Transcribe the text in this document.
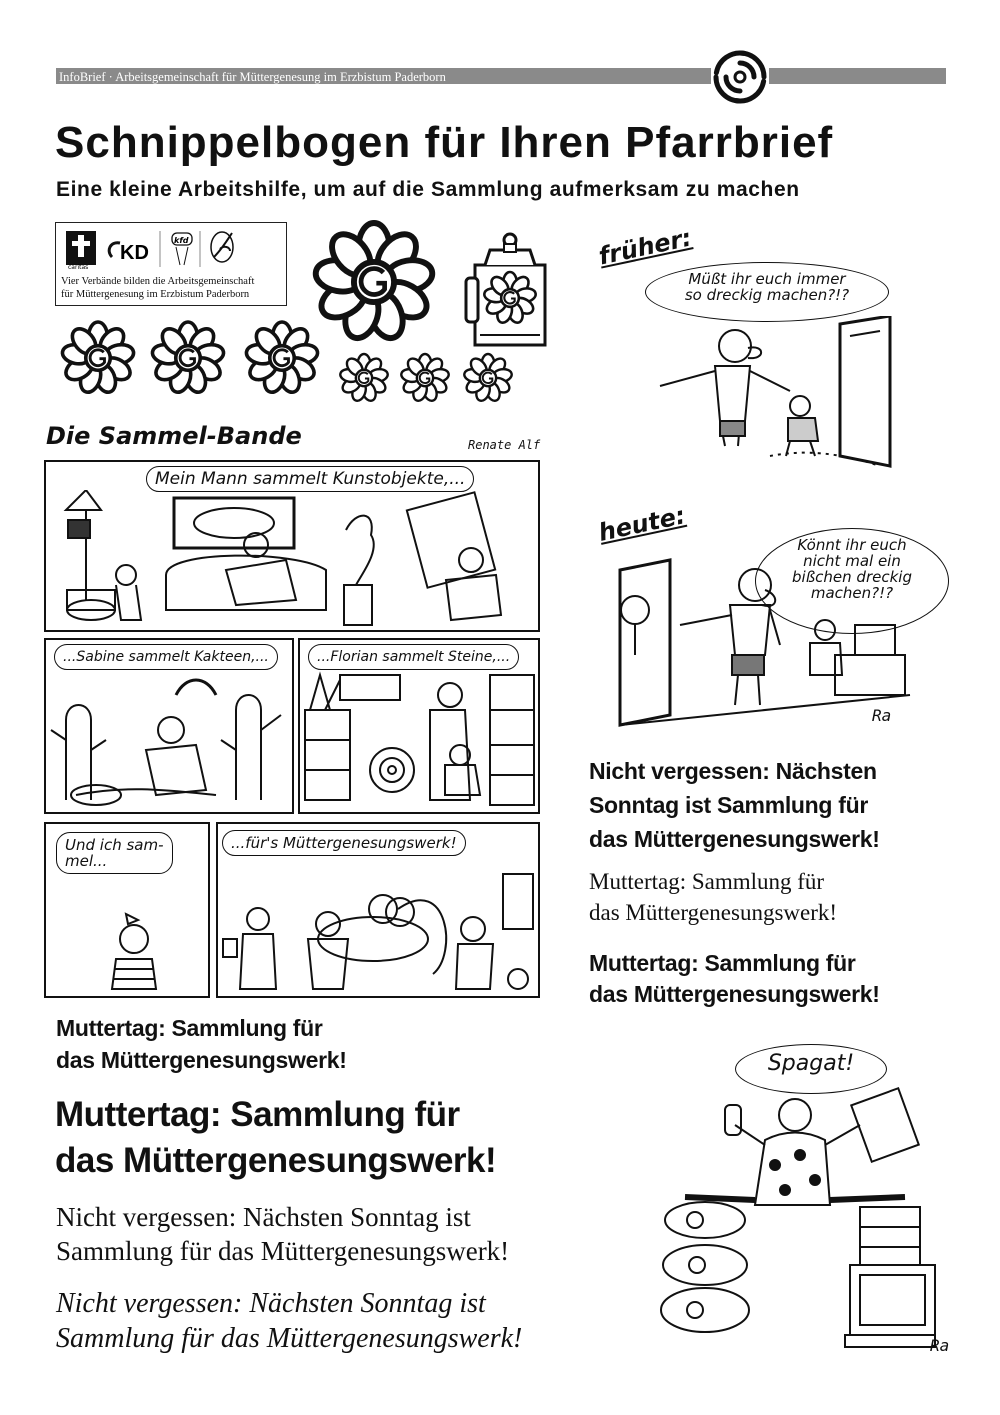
InfoBrief · Arbeitsgemeinschaft für Müttergenesung im Erzbistum Paderborn
Schnippelbogen für Ihren Pfarrbrief
Eine kleine Arbeitshilfe, um auf die Sammlung aufmerksam zu machen
caritas
KD
kfd
Vier Verbände bilden die Arbeitsgemeinschaft
für Müttergenesung im Erzbistum Paderborn
Die Sammel-Bande	Renate Alf
Mein Mann sammelt Kunstobjekte,...
...Sabine sammelt Kakteen,...	...Florian sammelt Steine,...
Und ich sam-
mel...
...für's Müttergenesungswerk!
früher:
Müßt ihr euch immer
so dreckig machen?!?
heute:	Könnt ihr euch
nicht mal ein
bißchen dreckig
machen?!?
Ra
Nicht vergessen: Nächsten
Sonntag ist Sammlung für
das Müttergenesungswerk!
Muttertag: Sammlung für
das Müttergenesungswerk!
Muttertag: Sammlung für
das Müttergenesungswerk!
Muttertag: Sammlung für
das Müttergenesungswerk!
Muttertag: Sammlung für
das Müttergenesungswerk!
Nicht vergessen: Nächsten Sonntag ist
Sammlung für das Müttergenesungswerk!
Nicht vergessen: Nächsten Sonntag ist
Sammlung für das Müttergenesungswerk!
Spagat!
Ra
